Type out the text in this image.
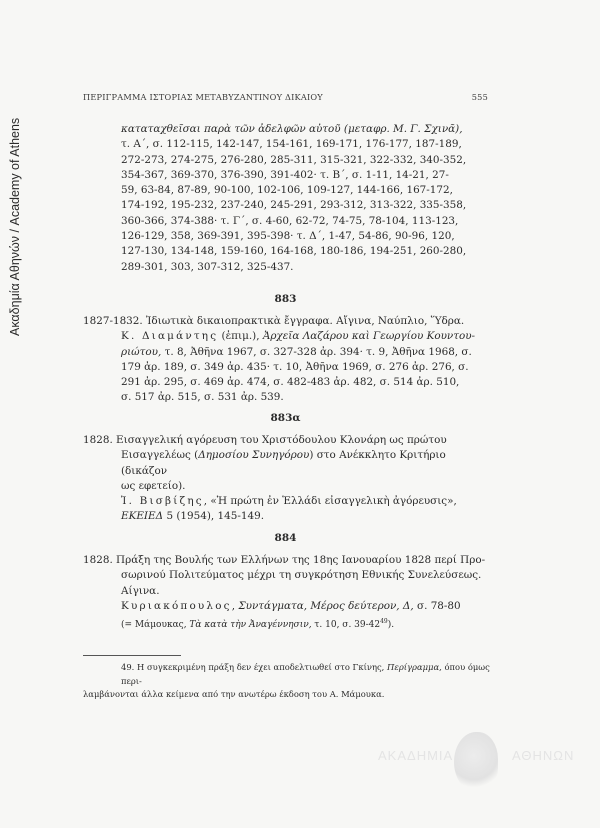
Ακαδημία Αθηνών / Academy of Athens
ΠΕΡΙΓΡΑΜΜΑ ΙΣΤΟΡΙΑΣ ΜΕΤΑΒΥΖΑΝΤΙΝΟΥ ΔΙΚΑΙΟΥ	555
καταταχθεῖσαι παρὰ τῶν ἀδελφῶν αὐτοῦ (μεταφρ. Μ. Γ. Σχινᾶ),
τ. Α΄, σ. 112-115, 142-147, 154-161, 169-171, 176-177, 187-189,
272-273, 274-275, 276-280, 285-311, 315-321, 322-332, 340-352,
354-367, 369-370, 376-390, 391-402· τ. Β΄, σ. 1-11, 14-21, 27-
59, 63-84, 87-89, 90-100, 102-106, 109-127, 144-166, 167-172,
174-192, 195-232, 237-240, 245-291, 293-312, 313-322, 335-358,
360-366, 374-388· τ. Γ΄, σ. 4-60, 62-72, 74-75, 78-104, 113-123,
126-129, 358, 369-391, 395-398· τ. Δ΄, 1-47, 54-86, 90-96, 120,
127-130, 134-148, 159-160, 164-168, 180-186, 194-251, 260-280,
289-301, 303, 307-312, 325-437.
883
1827-1832. Ἰδιωτικὰ δικαιοπρακτικὰ ἔγγραφα. Αἴγινα, Ναύπλιο, Ὕδρα.
Κ. Διαμάντης (ἐπιμ.), Ἀρχεῖα Λαζάρου καὶ Γεωργίου Κουντου-
ριώτου, τ. 8, Ἀθῆνα 1967, σ. 327-328 ἀρ. 394· τ. 9, Ἀθῆνα 1968, σ.
179 ἀρ. 189, σ. 349 ἀρ. 435· τ. 10, Ἀθῆνα 1969, σ. 276 ἀρ. 276, σ.
291 ἀρ. 295, σ. 469 ἀρ. 474, σ. 482-483 ἀρ. 482, σ. 514 ἀρ. 510,
σ. 517 ἀρ. 515, σ. 531 ἀρ. 539.
883α
1828. Εισαγγελική αγόρευση του Χριστόδουλου Κλονάρη ως πρώτου
Εισαγγελέως (Δημοσίου Συνηγόρου) στο Ανέκκλητο Κριτήριο (δικάζον
ως εφετείο).
Ἰ. Βισβίζης, «Ἡ πρώτη ἐν Ἑλλάδι εἰσαγγελικὴ ἀγόρευσις»,
ΕΚΕΙΕΔ 5 (1954), 145-149.
884
1828. Πράξη της Βουλής των Ελλήνων της 18ης Ιανουαρίου 1828 περί Προ-
σωρινού Πολιτεύματος μέχρι τη συγκρότηση Εθνικής Συνελεύσεως.
Αίγινα.
Κυριακόπουλος, Συντάγματα, Μέρος δεύτερον, Δ, σ. 78-80
(= Μάμουκας, Τὰ κατὰ τὴν Ἀναγέννησιν, τ. 10, σ. $39-42^{49}$).
49. Η συγκεκριμένη πράξη δεν έχει αποδελτιωθεί στο Γκίνης, Περίγραμμα, όπου όμως περι-
λαμβάνονται άλλα κείμενα από την ανωτέρω έκδοση του Α. Μάμουκα.
ΑΚΑΔΗΜΙΑ	ΑΘΗΝΩΝ
